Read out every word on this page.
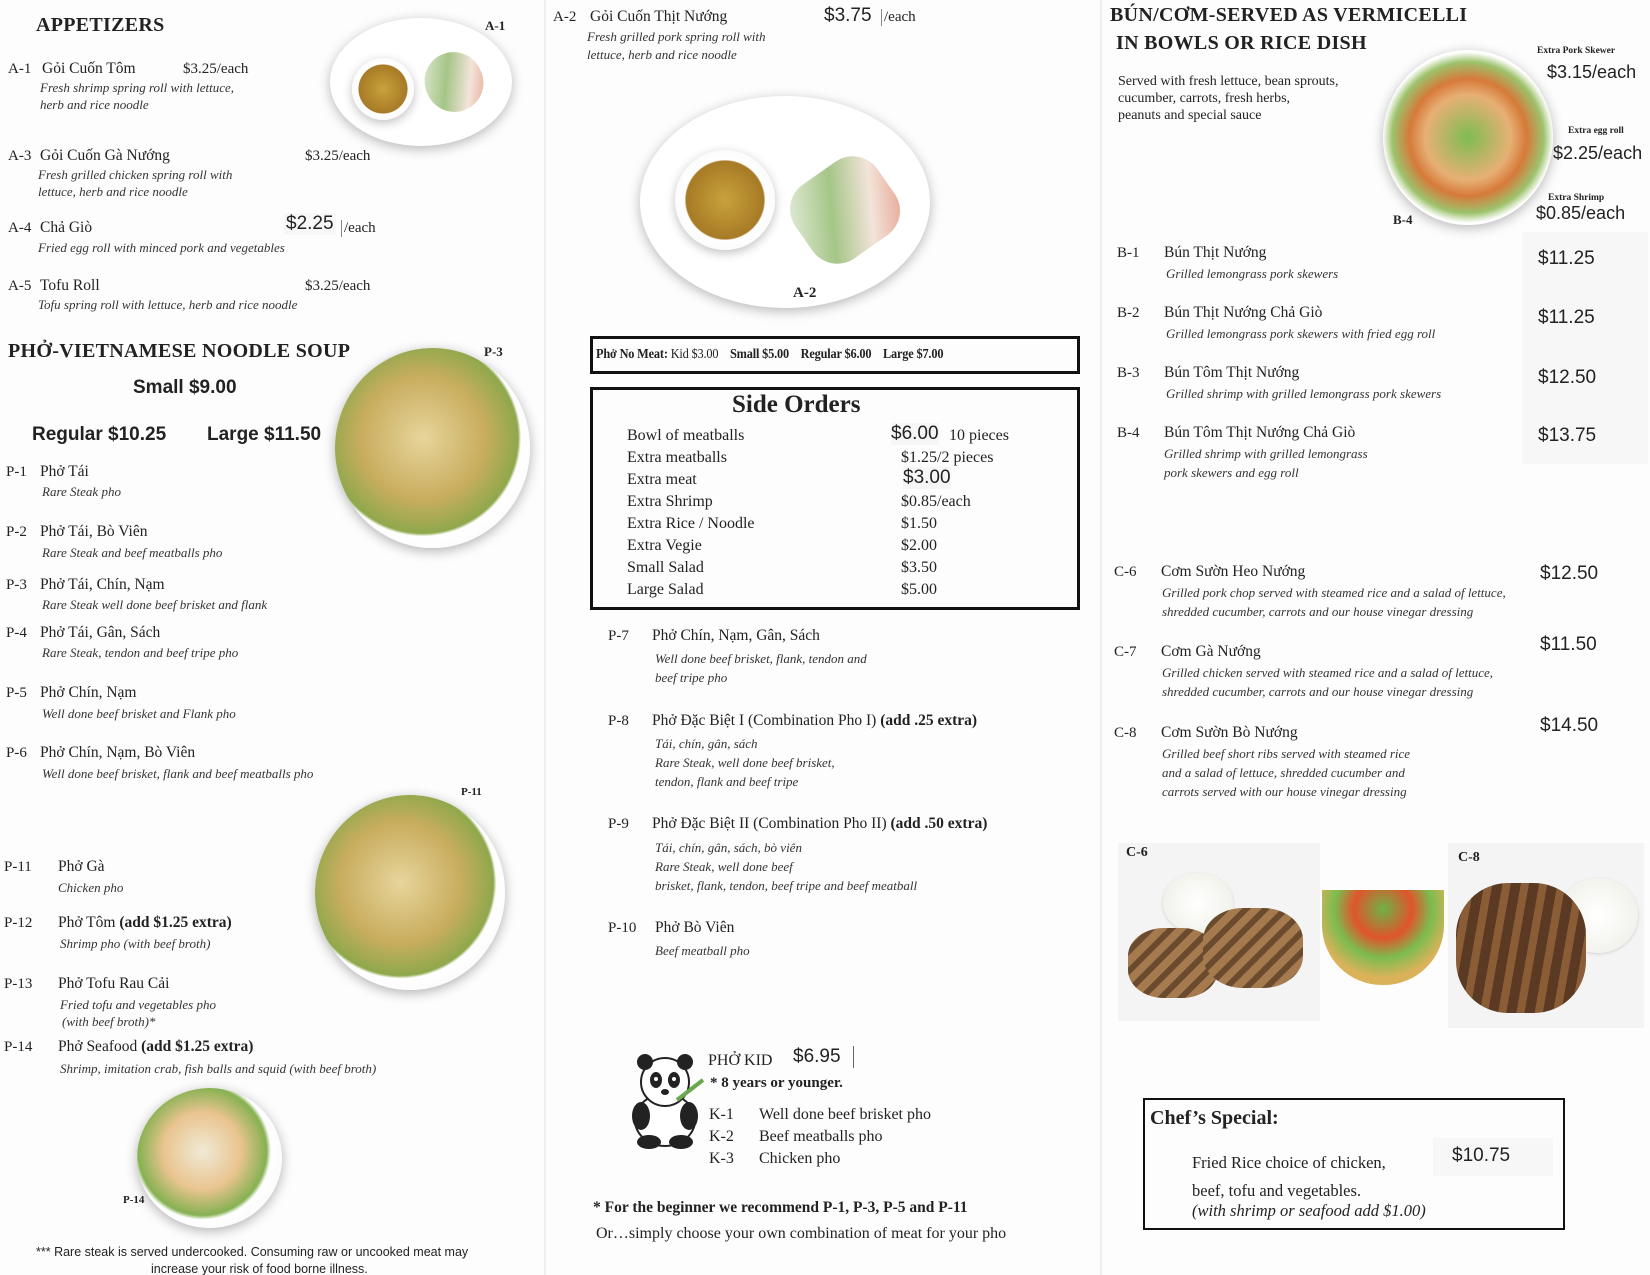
APPETIZERS	A-1
A-1 Gỏi Cuốn Tôm	$3.25/each
Fresh shrimp spring roll with lettuce,
herb and rice noodle
A-3 Gỏi Cuốn Gà Nướng	$3.25/each
Fresh grilled chicken spring roll with
lettuce, herb and rice noodle
A-4 Chả Giò	$2.25 /each
Fried egg roll with minced pork and vegetables
A-5 Tofu Roll	$3.25/each
Tofu spring roll with lettuce, herb and rice noodle
PHỞ-VIETNAMESE NOODLE SOUP	P-3
Small $9.00
Regular $10.25 Large $11.50
P-1 Phở Tái
Rare Steak pho
P-2 Phở Tái, Bò Viên
Rare Steak and beef meatballs pho
P-3 Phở Tái, Chín, Nạm
Rare Steak well done beef brisket and flank
P-4 Phở Tái, Gân, Sách
Rare Steak, tendon and beef tripe pho
P-5 Phở Chín, Nạm
Well done beef brisket and Flank pho
P-6 Phở Chín, Nạm, Bò Viên
Well done beef brisket, flank and beef meatballs pho
P-11
P-11 Phở Gà
Chicken pho
P-12 Phở Tôm (add $1.25 extra)
Shrimp pho (with beef broth)
P-13 Phở Tofu Rau Cải
Fried tofu and vegetables pho
(with beef broth)*
P-14 Phở Seafood (add $1.25 extra)
Shrimp, imitation crab, fish balls and squid (with beef broth)
P-14
*** Rare steak is served undercooked. Consuming raw or uncooked meat may
increase your risk of food borne illness.
A-2 Gỏi Cuốn Thịt Nướng	$3.75 /each
Fresh grilled pork spring roll with
lettuce, herb and rice noodle
A-2
Phở No Meat: Kid $3.00 Small $5.00 Regular $6.00 Large $7.00
Side Orders
Bowl of meatballs	$6.00 10 pieces
Extra meatballs	$1.25/2 pieces
Extra meat	$3.00
Extra Shrimp	$0.85/each
Extra Rice / Noodle	$1.50
Extra Vegie	$2.00
Small Salad	$3.50
Large Salad	$5.00
P-7 Phở Chín, Nạm, Gân, Sách
Well done beef brisket, flank, tendon and
beef tripe pho
P-8 Phở Đặc Biệt I (Combination Pho I) (add .25 extra)
Tái, chín, gân, sách
Rare Steak, well done beef brisket,
tendon, flank and beef tripe
P-9 Phở Đặc Biệt II (Combination Pho II) (add .50 extra)
Tái, chín, gân, sách, bò viên
Rare Steak, well done beef
brisket, flank, tendon, beef tripe and beef meatball
P-10 Phở Bò Viên
Beef meatball pho
PHỞ KID $6.95
* 8 years or younger.
K-1 Well done beef brisket pho
K-2 Beef meatballs pho
K-3 Chicken pho
* For the beginner we recommend P-1, P-3, P-5 and P-11
Or…simply choose your own combination of meat for your pho
BÚN/CƠM-SERVED AS VERMICELLI
IN BOWLS OR RICE DISH
Served with fresh lettuce, bean sprouts,
cucumber, carrots, fresh herbs,
peanuts and special sauce
B-4
Extra Pork Skewer
$3.15/each
Extra egg roll
$2.25/each
Extra Shrimp
$0.85/each
B-1 Bún Thịt Nướng
Grilled lemongrass pork skewers
$11.25
B-2 Bún Thịt Nướng Chả Giò
Grilled lemongrass pork skewers with fried egg roll
$11.25
B-3 Bún Tôm Thịt Nướng
Grilled shrimp with grilled lemongrass pork skewers
$12.50
B-4 Bún Tôm Thịt Nướng Chả Giò
Grilled shrimp with grilled lemongrass
pork skewers and egg roll
$13.75
C-6 Cơm Sườn Heo Nướng
Grilled pork chop served with steamed rice and a salad of lettuce,
shredded cucumber, carrots and our house vinegar dressing
$12.50
C-7 Cơm Gà Nướng
Grilled chicken served with steamed rice and a salad of lettuce,
shredded cucumber, carrots and our house vinegar dressing
$11.50
C-8 Cơm Sườn Bò Nướng
Grilled beef short ribs served with steamed rice
and a salad of lettuce, shredded cucumber and
carrots served with our house vinegar dressing
$14.50
C-6	C-8
Chef’s Special:
$10.75
Fried Rice choice of chicken,
beef, tofu and vegetables.
(with shrimp or seafood add $1.00)
